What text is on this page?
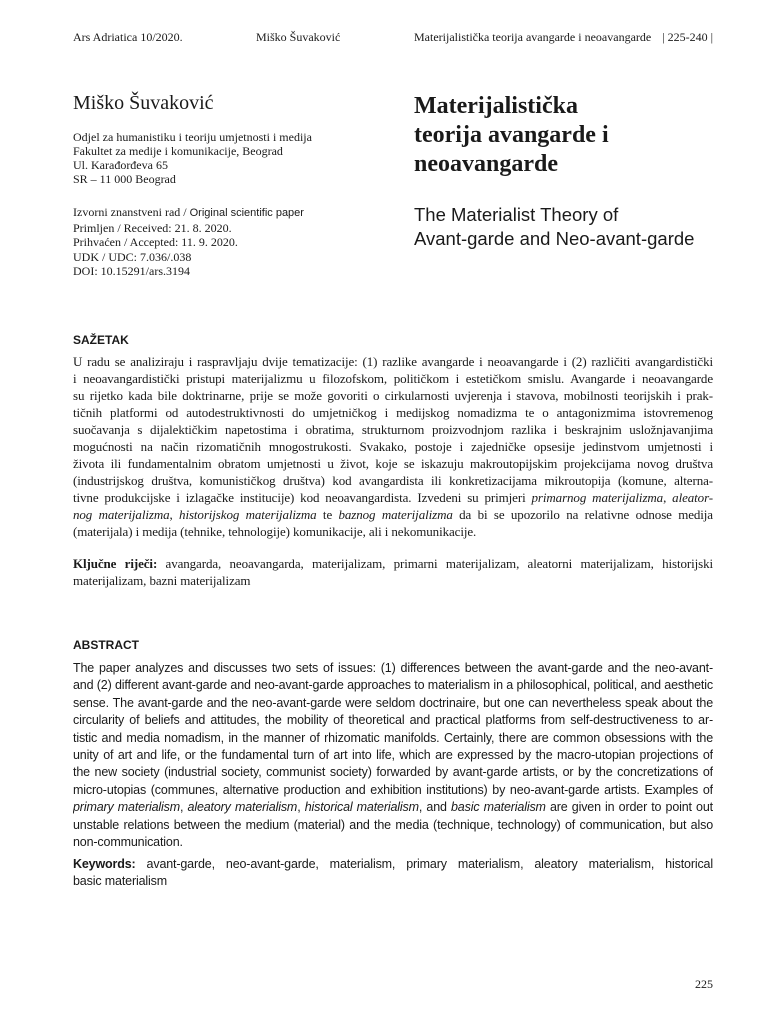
Ars Adriatica 10/2020.	Miško Šuvaković	Materijalistička teorija avangarde i neoavangarde | 225-240 |
Miško Šuvaković
Odjel za humanistiku i teoriju umjetnosti i medija
Fakultet za medije i komunikacije, Beograd
Ul. Karađorđeva 65
SR – 11 000 Beograd
Izvorni znanstveni rad / Original scientific paper
Primljen / Received: 21. 8. 2020.
Prihvaćen / Accepted: 11. 9. 2020.
UDK / UDC: 7.036/.038
DOI: 10.15291/ars.3194
Materijalistička
teorija avangarde i
neoavangarde
The Materialist Theory of
Avant-garde and Neo-avant-garde
SAŽETAK
U radu se analiziraju i raspravljaju dvije tematizacije: (1) razlike avangarde i neoavangarde i (2) različiti avangardistički
i neoavangardistički pristupi materijalizmu u filozofskom, političkom i estetičkom smislu. Avangarde i neoavangarde
su rijetko kada bile doktrinarne, prije se može govoriti o cirkularnosti uvjerenja i stavova, mobilnosti teorijskih i prak-
tičnih platformi od autodestruktivnosti do umjetničkog i medijskog nomadizma te o antagonizmima istovremenog
suočavanja s dijalektičkim napetostima i obratima, strukturnom proizvodnjom razlika i beskrajnim usložnjavanjima
mogućnosti na način rizomatičnih mnogostrukosti. Svakako, postoje i zajedničke opsesije jedinstvom umjetnosti i
života ili fundamentalnim obratom umjetnosti u život, koje se iskazuju makroutopijskim projekcijama novog društva
(industrijskog društva, komunističkog društva) kod avangardista ili konkretizacijama mikroutopija (komune, alterna-
tivne produkcijske i izlagačke institucije) kod neoavangardista. Izvedeni su primjeri primarnog materijalizma, aleator-
nog materijalizma, historijskog materijalizma te baznog materijalizma da bi se upozorilo na relativne odnose medija
(materijala) i medija (tehnike, tehnologije) komunikacije, ali i nekomunikacije.
Ključne riječi: avangarda, neoavangarda, materijalizam, primarni materijalizam, aleatorni materijalizam, historijski
materijalizam, bazni materijalizam
ABSTRACT
The paper analyzes and discusses two sets of issues: (1) differences between the avant-garde and the neo-avant-
and (2) different avant-garde and neo-avant-garde approaches to materialism in a philosophical, political, and aesthetic
sense. The avant-garde and the neo-avant-garde were seldom doctrinaire, but one can nevertheless speak about the
circularity of beliefs and attitudes, the mobility of theoretical and practical platforms from self-destructiveness to ar-
tistic and media nomadism, in the manner of rhizomatic manifolds. Certainly, there are common obsessions with the
unity of art and life, or the fundamental turn of art into life, which are expressed by the macro-utopian projections of
the new society (industrial society, communist society) forwarded by avant-garde artists, or by the concretizations of
micro-utopias (communes, alternative production and exhibition institutions) by neo-avant-garde artists. Examples of
primary materialism, aleatory materialism, historical materialism, and basic materialism are given in order to point out
unstable relations between the medium (material) and the media (technique, technology) of communication, but also
non-communication.
Keywords: avant-garde, neo-avant-garde, materialism, primary materialism, aleatory materialism, historical
basic materialism
225
